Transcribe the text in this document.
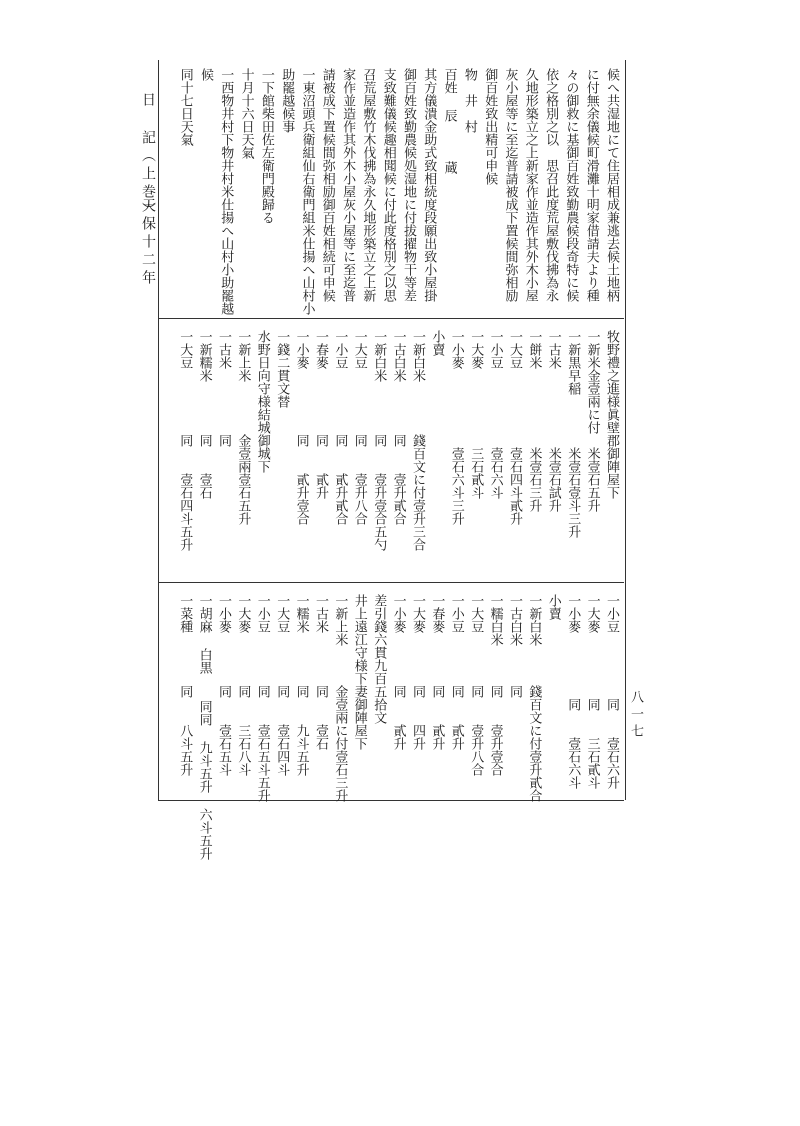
日 記（上巻）
天保十二年
八一七
候へ共湿地にて住居相成兼逃去候土地柄
に付無余儀候町滑灘十明家借請夫より種
々の御救に基御百姓致勤農候段奇特に候
依之格別之以　思召此度荒屋敷伐拂為永
久地形築立之上新家作並造作其外木小屋
灰小屋等に至迄普請被成下置候間弥相励
御百姓致出精可申候
物　井　村
百姓 辰　　　蔵
其方儀潰金助式致相続度段願出致小屋掛
御百姓致勤農候処湿地に付拔擢物干等差
支致難儀候趣相聞候に付此度格別之以思
召荒屋敷竹木伐拂為永久地形築立之上新
家作並造作其外木小屋灰小屋等に至迄普
請被成下置候間弥相励御百姓相続可申候
一東沼頭兵衛組仙右衛門組米仕揚へ山村小
助罷越候事
一下館柴田佐左衛門殿歸る
十月十六日天氣
一西物井村下物井村米仕揚へ山村小助罷越
候
同十七日天氣
牧野禮之進様眞壁郡御陣屋下
一新米金壹兩に付　米壹石五升
一新黒早稲　　　　米壹石壹斗三升
一古米　　　　　　米壹石試升
一餅米　　　　　　米壹石三升
一大豆　　　　　　壹石四斗貳升
一小豆　　　　　　壹石六斗
一大麥　　　　　　三石貳斗
一小麥　　　　　　壹石六斗三升
小賣
一新白米　　　　錢百文に付壹升三合
一古白米　　　　同　　壹升貳合
一新白米　　　　同　　壹升壹合五勺
一大豆　　　　　同　　壹升八合
一小豆　　　　　同　　貳升貳合
一春麥　　　　　同　　貳升
一小麥　　　　　同　　貳升壹合
一錢二貫文替
水野日向守様結城御城下
一新上米　　　　金壹兩壹石五升
一古米　　　　　同
一新糯米　　　　同　　壹石
一大豆　　　　　同　　壹石四斗五升
一小豆　　　　　同　　壹石六升
一大麥　　　　　同　　三石貳斗
一小麥　　　　　同　　壹石六斗
小賣
一新白米　　　錢百文に付壹升貳合
一古白米　　　同
一糯白米　　　同　　壹升壹合
一大豆　　　　同　　壹升八合
一小豆　　　　同　　貳升
一春麥　　　　同　　貳升
一大麥　　　　同　　四升
一小麥　　　　同　　貳升
差引錢六貫九百五拾文
井上遠江守様下妻御陣屋下
一新上米　　　金壹兩に付壹石三升
一古米　　　　同　　壹石
一糯米　　　　同　　九斗五升
一大豆　　　　同　　壹石四斗
一小豆　　　　同　　壹石五斗五升
一大麥　　　　同　　三石八斗
一小麥　　　　同　　壹石五斗
一胡麻 白黒　　同同 九斗五升 六斗五升
一菜種　　　　同　　八斗五升
